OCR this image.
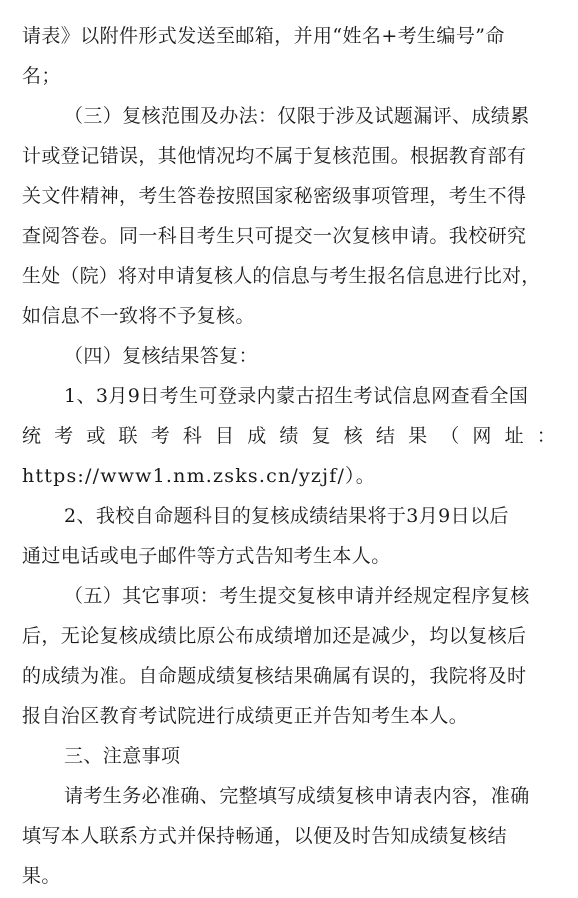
请表》以附件形式发送至邮箱，并用“姓名+考生编号”命
名；
（三）复核范围及办法：仅限于涉及试题漏评、成绩累
计或登记错误，其他情况均不属于复核范围。根据教育部有
关文件精神，考生答卷按照国家秘密级事项管理，考生不得
查阅答卷。同一科目考生只可提交一次复核申请。我校研究
生处（院）将对申请复核人的信息与考生报名信息进行比对，
如信息不一致将不予复核。
（四）复核结果答复：
1、3月9日考生可登录内蒙古招生考试信息网查看全国
统 考 或 联 考 科 目 成 绩 复 核 结 果 （ 网 址 ：
https://www1.nm.zsks.cn/yzjf/）。
2、我校自命题科目的复核成绩结果将于3月9日以后
通过电话或电子邮件等方式告知考生本人。
（五）其它事项：考生提交复核申请并经规定程序复核
后，无论复核成绩比原公布成绩增加还是减少，均以复核后
的成绩为准。自命题成绩复核结果确属有误的，我院将及时
报自治区教育考试院进行成绩更正并告知考生本人。
三、注意事项
请考生务必准确、完整填写成绩复核申请表内容，准确
填写本人联系方式并保持畅通，以便及时告知成绩复核结
果。
